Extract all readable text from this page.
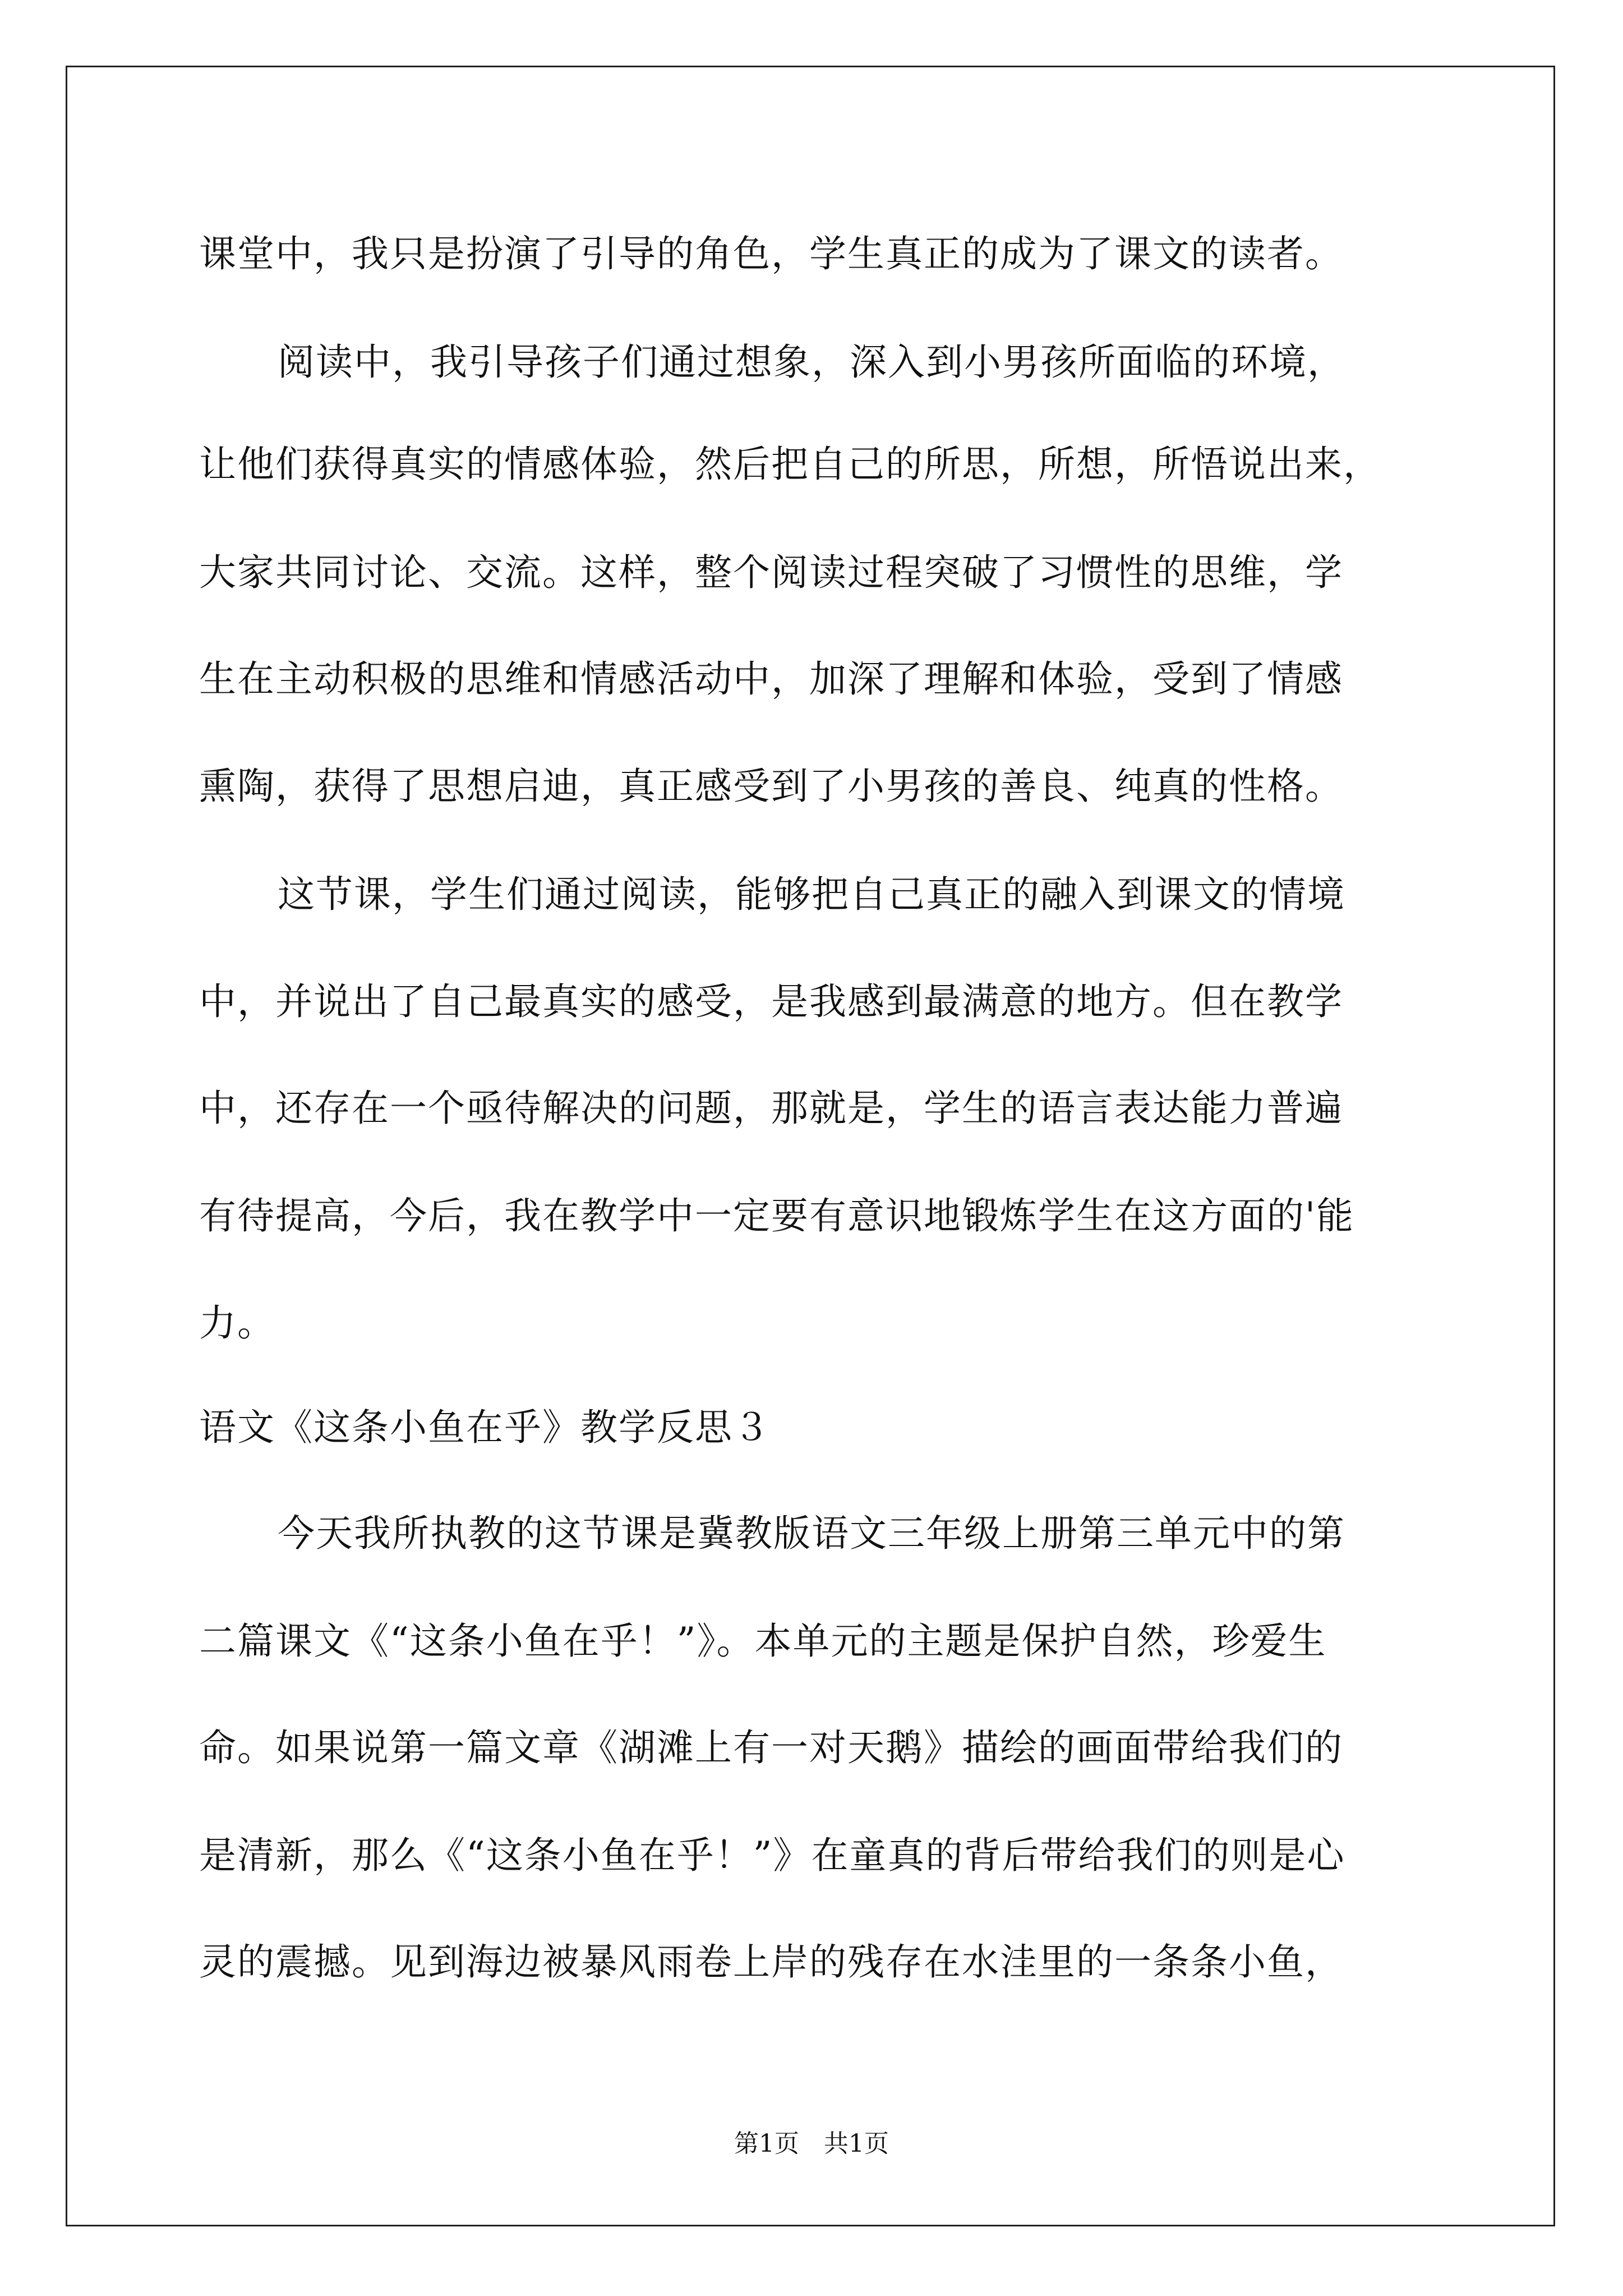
课堂中，我只是扮演了引导的角色，学生真正的成为了课文的读者。
阅读中，我引导孩子们通过想象，深入到小男孩所面临的环境，
让他们获得真实的情感体验，然后把自己的所思，所想，所悟说出来，
大家共同讨论、交流。这样，整个阅读过程突破了习惯性的思维，学
生在主动积极的思维和情感活动中，加深了理解和体验，受到了情感
熏陶，获得了思想启迪，真正感受到了小男孩的善良、纯真的性格。
这节课，学生们通过阅读，能够把自己真正的融入到课文的情境
中，并说出了自己最真实的感受，是我感到最满意的地方。但在教学
中，还存在一个亟待解决的问题，那就是，学生的语言表达能力普遍
有待提高，今后，我在教学中一定要有意识地锻炼学生在这方面的'能
力。
语文《这条小鱼在乎》教学反思３
今天我所执教的这节课是冀教版语文三年级上册第三单元中的第
二篇课文《“这条小鱼在乎！”》。本单元的主题是保护自然，珍爱生
命。如果说第一篇文章《湖滩上有一对天鹅》描绘的画面带给我们的
是清新，那么《“这条小鱼在乎！”》在童真的背后带给我们的则是心
灵的震撼。见到海边被暴风雨卷上岸的残存在水洼里的一条条小鱼，
第1页　共1页
